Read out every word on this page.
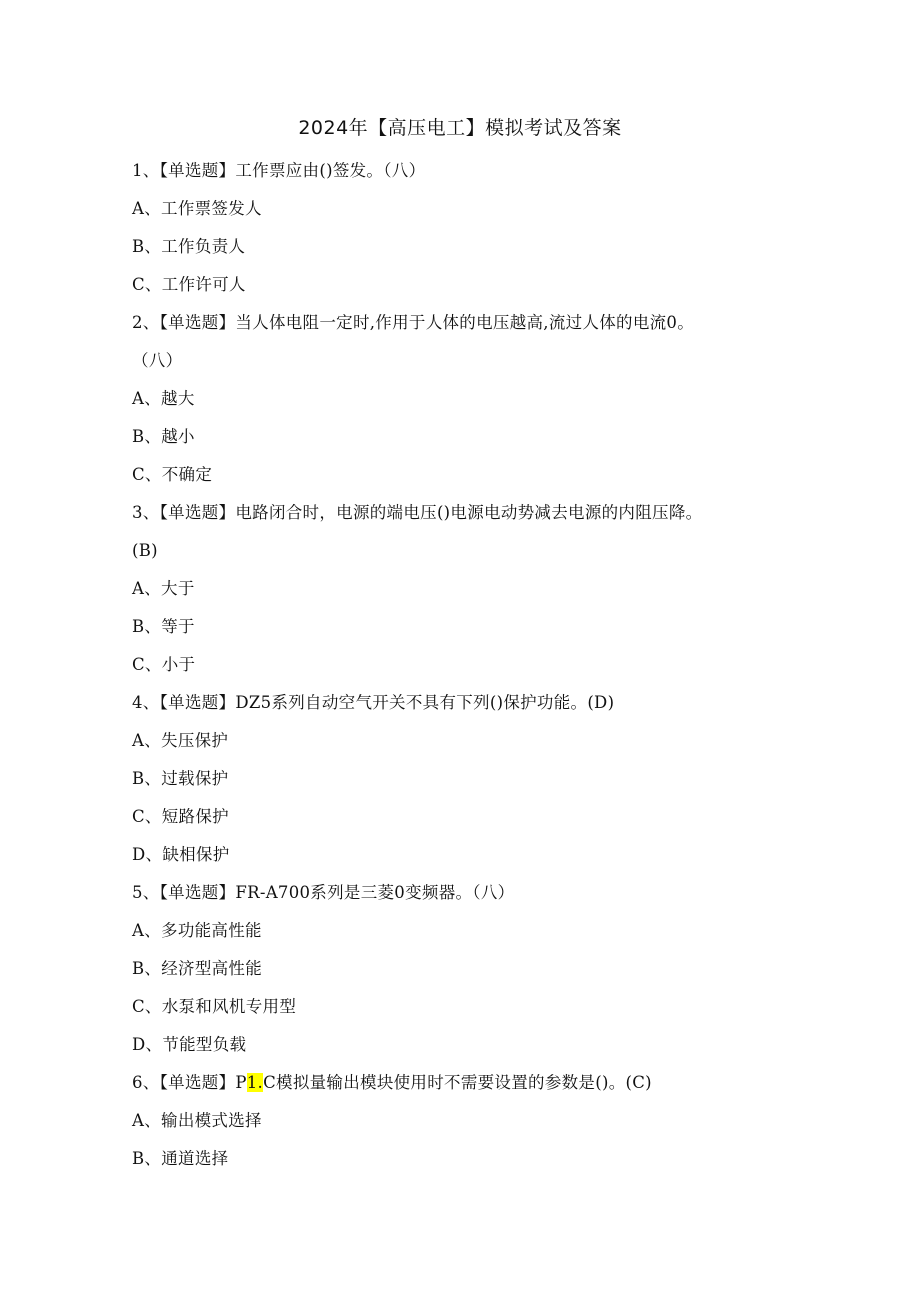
2024年【高压电工】模拟考试及答案
1、【单选题】工作票应由()签发。（八）
A、工作票签发人
B、工作负责人
C、工作许可人
2、【单选题】当人体电阻一定时,作用于人体的电压越高,流过人体的电流0。
（八）
A、越大
B、越小
C、不确定
3、【单选题】电路闭合时，电源的端电压()电源电动势减去电源的内阻压降。
(B)
A、大于
B、等于
C、小于
4、【单选题】DZ5系列自动空气开关不具有下列()保护功能。(D)
A、失压保护
B、过载保护
C、短路保护
D、缺相保护
5、【单选题】FR-A700系列是三菱0变频器。（八）
A、多功能高性能
B、经济型高性能
C、水泵和风机专用型
D、节能型负载
6、【单选题】P1.C模拟量输出模块使用时不需要设置的参数是()。(C)
A、输出模式选择
B、通道选择
